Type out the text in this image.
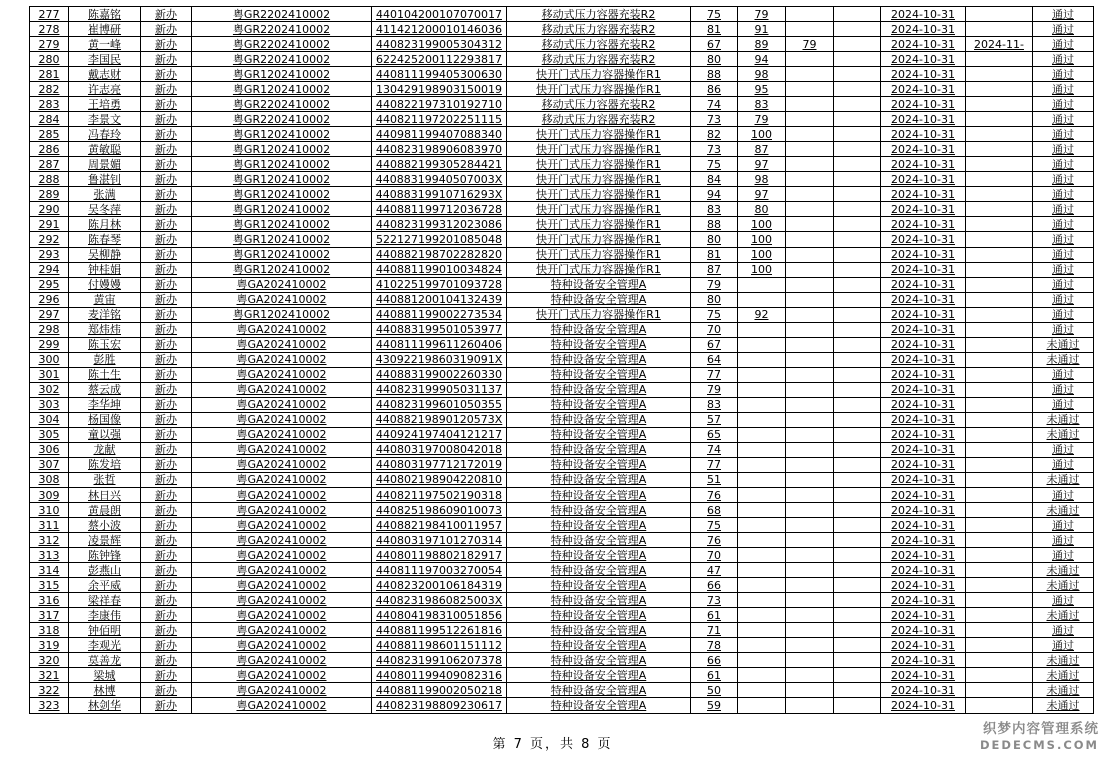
277	陈嘉铭	新办	粤GR2202410002	440104200107070017	移动式压力容器充装R2	75	79			2024-10-31		通过
278	崔博研	新办	粤GR2202410002	411421200010146036	移动式压力容器充装R2	81	91			2024-10-31		通过
279	黄一峰	新办	粤GR2202410002	440823199005304312	移动式压力容器充装R2	67	89	79		2024-10-31	2024-11-	通过
280	李国民	新办	粤GR2202410002	622425200112293817	移动式压力容器充装R2	80	94			2024-10-31		通过
281	戴志财	新办	粤GR1202410002	440811199405300630	快开门式压力容器操作R1	88	98			2024-10-31		通过
282	许志亮	新办	粤GR1202410002	130429198903150019	快开门式压力容器操作R1	86	95			2024-10-31		通过
283	王培勇	新办	粤GR2202410002	440822197310192710	移动式压力容器充装R2	74	83			2024-10-31		通过
284	李景文	新办	粤GR2202410002	440821197202251115	移动式压力容器充装R2	73	79			2024-10-31		通过
285	冯春玲	新办	粤GR1202410002	440981199407088340	快开门式压力容器操作R1	82	100			2024-10-31		通过
286	黄敏聪	新办	粤GR1202410002	440823198906083970	快开门式压力容器操作R1	73	87			2024-10-31		通过
287	周景媚	新办	粤GR1202410002	440882199305284421	快开门式压力容器操作R1	75	97			2024-10-31		通过
288	鲁湛钊	新办	粤GR1202410002	44088319940507003X	快开门式压力容器操作R1	84	98			2024-10-31		通过
289	张满	新办	粤GR1202410002	44088319910716293X	快开门式压力容器操作R1	94	97			2024-10-31		通过
290	吴冬萍	新办	粤GR1202410002	440881199712036728	快开门式压力容器操作R1	83	80			2024-10-31		通过
291	陈月林	新办	粤GR1202410002	440823199312023086	快开门式压力容器操作R1	88	100			2024-10-31		通过
292	陈春琴	新办	粤GR1202410002	522127199201085048	快开门式压力容器操作R1	80	100			2024-10-31		通过
293	吴柳静	新办	粤GR1202410002	440882198702282820	快开门式压力容器操作R1	81	100			2024-10-31		通过
294	钟桂娟	新办	粤GR1202410002	440881199010034824	快开门式压力容器操作R1	87	100			2024-10-31		通过
295	付嫚嫚	新办	粤GA202410002	410225199701093728	特种设备安全管理A	79				2024-10-31		通过
296	黄宙	新办	粤GA202410002	440881200104132439	特种设备安全管理A	80				2024-10-31		通过
297	麦洋铭	新办	粤GR1202410002	440881199002273534	快开门式压力容器操作R1	75	92			2024-10-31		通过
298	郑炜炜	新办	粤GA202410002	440883199501053977	特种设备安全管理A	70				2024-10-31		通过
299	陈玉宏	新办	粤GA202410002	440811199611260406	特种设备安全管理A	67				2024-10-31		未通过
300	彭胜	新办	粤GA202410002	43092219860319091X	特种设备安全管理A	64				2024-10-31		未通过
301	陈土生	新办	粤GA202410002	440883199002260330	特种设备安全管理A	77				2024-10-31		通过
302	蔡云成	新办	粤GA202410002	440823199905031137	特种设备安全管理A	79				2024-10-31		通过
303	李华坤	新办	粤GA202410002	440823199601050355	特种设备安全管理A	83				2024-10-31		通过
304	杨国像	新办	粤GA202410002	44088219890120573X	特种设备安全管理A	57				2024-10-31		未通过
305	童以强	新办	粤GA202410002	440924197404121217	特种设备安全管理A	65				2024-10-31		未通过
306	龙献	新办	粤GA202410002	440803197008042018	特种设备安全管理A	74				2024-10-31		通过
307	陈发培	新办	粤GA202410002	440803197712172019	特种设备安全管理A	77				2024-10-31		通过
308	张哲	新办	粤GA202410002	440802198904220810	特种设备安全管理A	51				2024-10-31		未通过
309	林日兴	新办	粤GA202410002	440821197502190318	特种设备安全管理A	76				2024-10-31		通过
310	黄晨朗	新办	粤GA202410002	440825198609010073	特种设备安全管理A	68				2024-10-31		未通过
311	蔡小波	新办	粤GA202410002	440882198410011957	特种设备安全管理A	75				2024-10-31		通过
312	凌景辉	新办	粤GA202410002	440803197101270314	特种设备安全管理A	76				2024-10-31		通过
313	陈钟锋	新办	粤GA202410002	440801198802182917	特种设备安全管理A	70				2024-10-31		通过
314	彭燕山	新办	粤GA202410002	440811197003270054	特种设备安全管理A	47				2024-10-31		未通过
315	余平威	新办	粤GA202410002	440823200106184319	特种设备安全管理A	66				2024-10-31		未通过
316	梁祥春	新办	粤GA202410002	44082319860825003X	特种设备安全管理A	73				2024-10-31		通过
317	李康伟	新办	粤GA202410002	440804198310051856	特种设备安全管理A	61				2024-10-31		未通过
318	钟佰明	新办	粤GA202410002	440881199512261816	特种设备安全管理A	71				2024-10-31		通过
319	李观光	新办	粤GA202410002	440881198601151112	特种设备安全管理A	78				2024-10-31		通过
320	莫善龙	新办	粤GA202410002	440823199106207378	特种设备安全管理A	66				2024-10-31		未通过
321	梁城	新办	粤GA202410002	440801199409082316	特种设备安全管理A	61				2024-10-31		未通过
322	林博	新办	粤GA202410002	440881199002050218	特种设备安全管理A	50				2024-10-31		未通过
323	林剑华	新办	粤GA202410002	440823198809230617	特种设备安全管理A	59				2024-10-31		未通过
第 7 页，共 8 页
织梦内容管理系统
DEDECMS.COM
